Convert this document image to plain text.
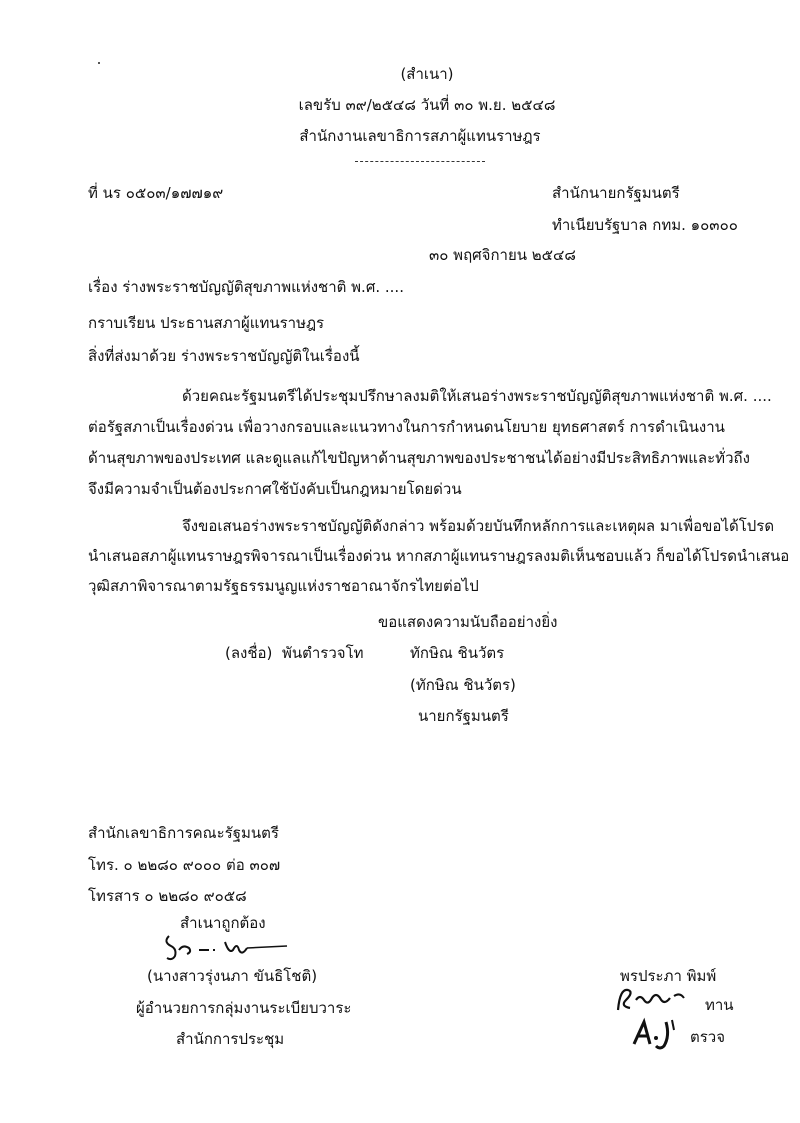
(สำเนา)
เลขรับ ๓๙/๒๕๔๘ วันที่ ๓๐ พ.ย. ๒๕๔๘
สำนักงานเลขาธิการสภาผู้แทนราษฎร
ที่ นร ๐๕๐๓/๑๗๗๑๙	สำนักนายกรัฐมนตรี
ทำเนียบรัฐบาล กทม. ๑๐๓๐๐
๓๐ พฤศจิกายน ๒๕๔๘
เรื่อง ร่างพระราชบัญญัติสุขภาพแห่งชาติ พ.ศ. ....
กราบเรียน ประธานสภาผู้แทนราษฎร
สิ่งที่ส่งมาด้วย ร่างพระราชบัญญัติในเรื่องนี้
ด้วยคณะรัฐมนตรีได้ประชุมปรึกษาลงมติให้เสนอร่างพระราชบัญญัติสุขภาพแห่งชาติ พ.ศ. ....
ต่อรัฐสภาเป็นเรื่องด่วน เพื่อวางกรอบและแนวทางในการกำหนดนโยบาย ยุทธศาสตร์ การดำเนินงาน
ด้านสุขภาพของประเทศ และดูแลแก้ไขปัญหาด้านสุขภาพของประชาชนได้อย่างมีประสิทธิภาพและทั่วถึง
จึงมีความจำเป็นต้องประกาศใช้บังคับเป็นกฎหมายโดยด่วน
จึงขอเสนอร่างพระราชบัญญัติดังกล่าว พร้อมด้วยบันทึกหลักการและเหตุผล มาเพื่อขอได้โปรด
นำเสนอสภาผู้แทนราษฎรพิจารณาเป็นเรื่องด่วน หากสภาผู้แทนราษฎรลงมติเห็นชอบแล้ว ก็ขอได้โปรดนำเสนอ
วุฒิสภาพิจารณาตามรัฐธรรมนูญแห่งราชอาณาจักรไทยต่อไป
ขอแสดงความนับถืออย่างยิ่ง
(ลงชื่อ) พันตำรวจโท	ทักษิณ ชินวัตร
(ทักษิณ ชินวัตร)
นายกรัฐมนตรี
สำนักเลขาธิการคณะรัฐมนตรี
โทร. ๐ ๒๒๘๐ ๙๐๐๐ ต่อ ๓๐๗
โทรสาร ๐ ๒๒๘๐ ๙๐๕๘
สำเนาถูกต้อง
(นางสาวรุ่งนภา ขันธิโชติ)
ผู้อำนวยการกลุ่มงานระเบียบวาระ
สำนักการประชุม
พรประภา พิมพ์
ทาน
ตรวจ
